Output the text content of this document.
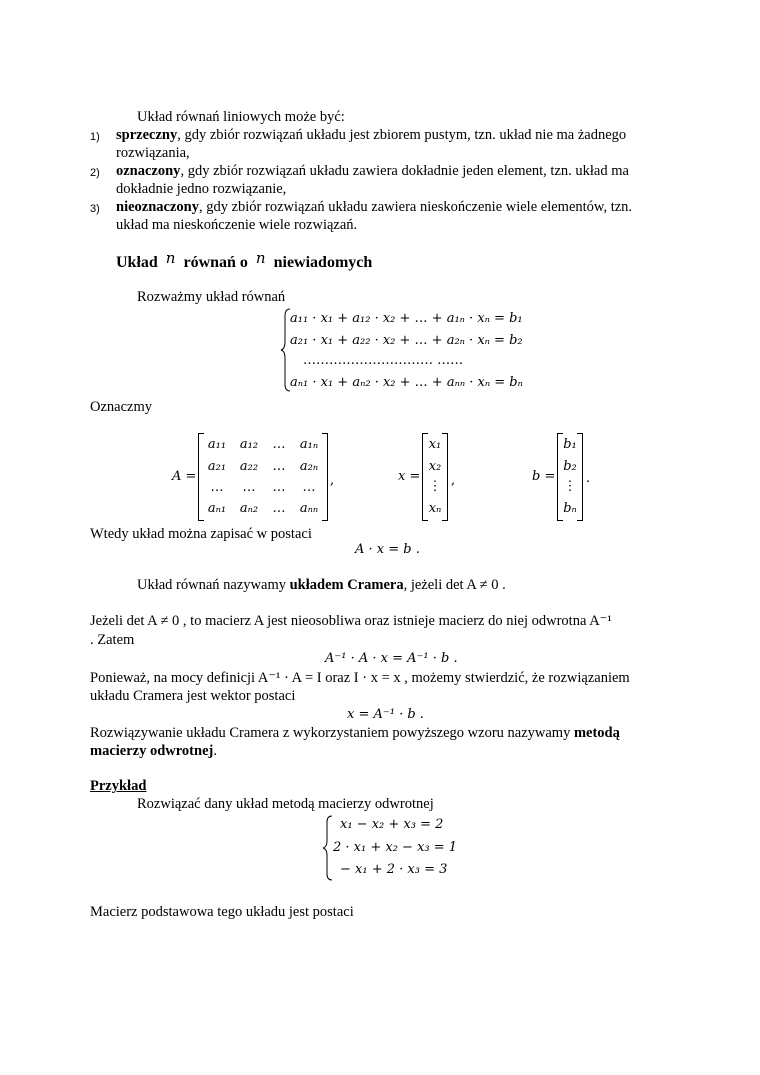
Układ równań liniowych może być:
1) sprzeczny, gdy zbiór rozwiązań układu jest zbiorem pustym, tzn. układ nie ma żadnego
rozwiązania,
2) oznaczony, gdy zbiór rozwiązań układu zawiera dokładnie jeden element, tzn. układ ma
dokładnie jedno rozwiązanie,
3) nieoznaczony, gdy zbiór rozwiązań układu zawiera nieskończenie wiele elementów, tzn.
układ ma nieskończenie wiele rozwiązań.
Układ n równań o n niewiadomych
Rozważmy układ równań
a₁₁ · x₁ + a₁₂ · x₂ + … + a₁ₙ · xₙ = b₁
a₂₁ · x₁ + a₂₂ · x₂ + … + a₂ₙ · xₙ = b₂
………………………… ……
aₙ₁ · x₁ + aₙ₂ · x₂ + … + aₙₙ · xₙ = bₙ
Oznaczmy
A =
a₁₁	a₁₂	…	a₁ₙ
a₂₁	a₂₂	…	a₂ₙ
…	…	…	…
aₙ₁	aₙ₂	…	aₙₙ
,	x =
x₁
x₂
⋮
xₙ
,	b =
b₁
b₂
⋮
bₙ
.
Wtedy układ można zapisać w postaci
A · x = b .
Układ równań nazywamy układem Cramera, jeżeli det A ≠ 0 .
Jeżeli det A ≠ 0 , to macierz A jest nieosobliwa oraz istnieje macierz do niej odwrotna A⁻¹
. Zatem
A⁻¹ · A · x = A⁻¹ · b .
Ponieważ, na mocy definicji A⁻¹ · A = I oraz I · x = x , możemy stwierdzić, że rozwiązaniem
układu Cramera jest wektor postaci
x = A⁻¹ · b .
Rozwiązywanie układu Cramera z wykorzystaniem powyższego wzoru nazywamy metodą
macierzy odwrotnej.
Przykład
Rozwiązać dany układ metodą macierzy odwrotnej
x₁ − x₂ + x₃ = 2
2 · x₁ + x₂ − x₃ = 1
− x₁ + 2 · x₃ = 3
Macierz podstawowa tego układu jest postaci
